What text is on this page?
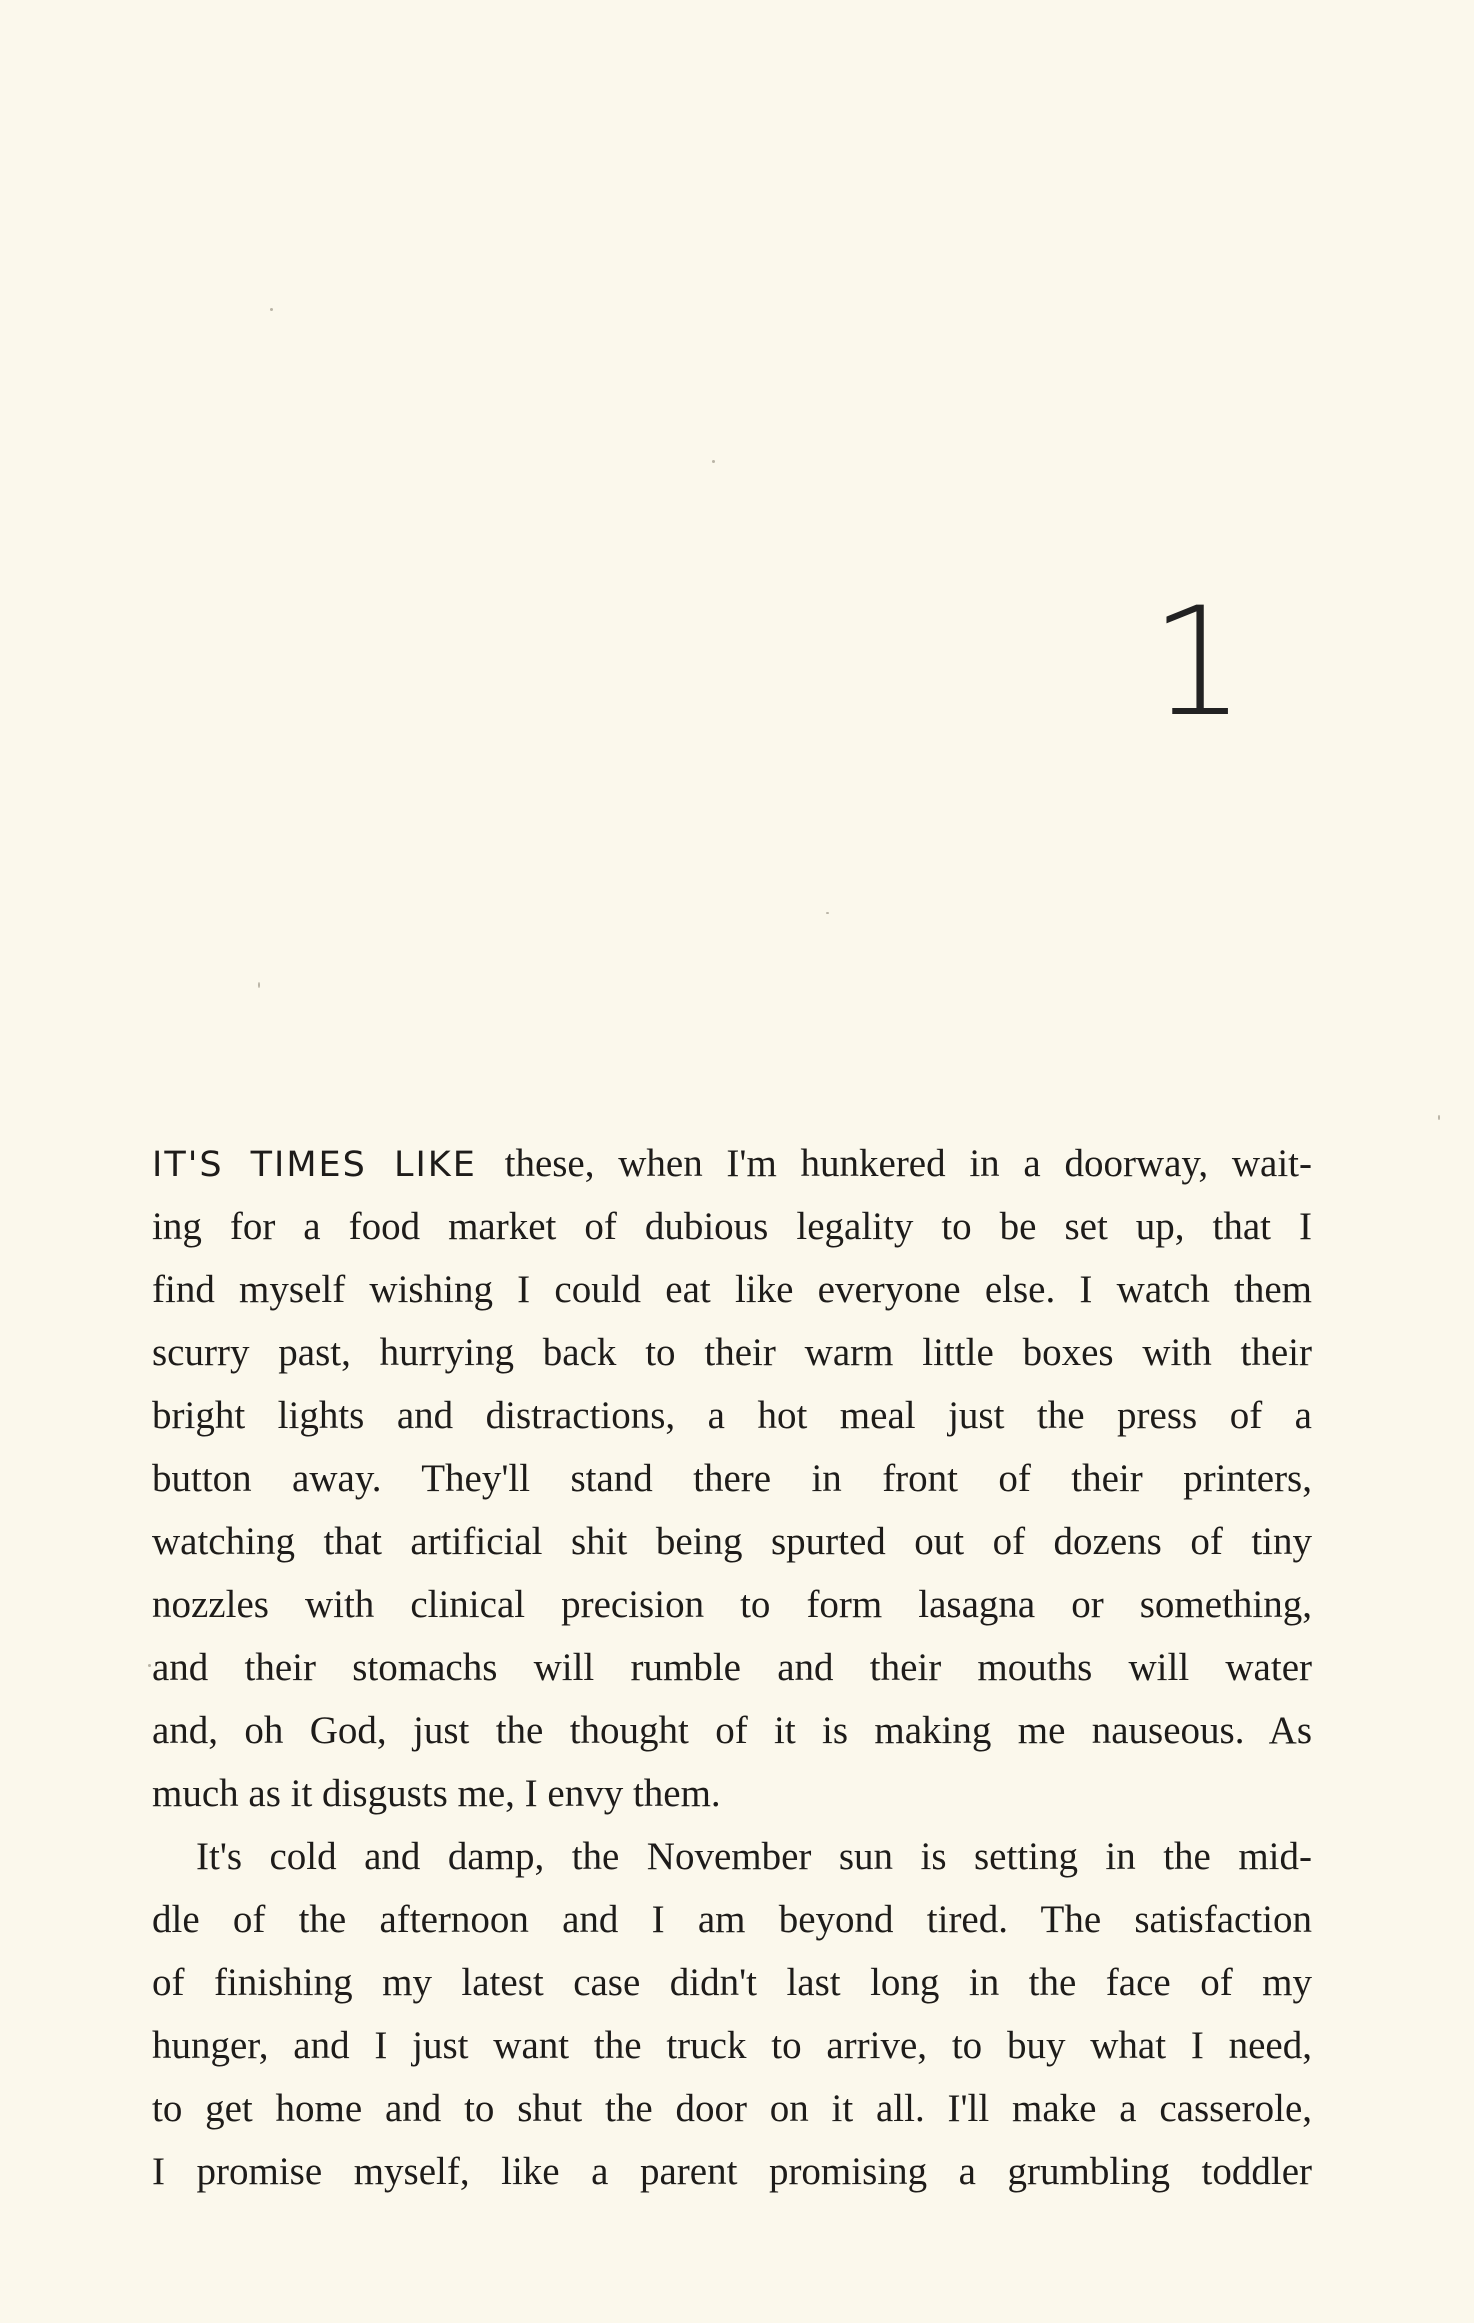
1
IT'S TIMES LIKE these, when I'm hunkered in a doorway, wait-
ing for a food market of dubious legality to be set up, that I
find myself wishing I could eat like everyone else. I watch them
scurry past, hurrying back to their warm little boxes with their
bright lights and distractions, a hot meal just the press of a
button away. They'll stand there in front of their printers,
watching that artificial shit being spurted out of dozens of tiny
nozzles with clinical precision to form lasagna or something,
and their stomachs will rumble and their mouths will water
and, oh God, just the thought of it is making me nauseous. As
much as it disgusts me, I envy them.
It's cold and damp, the November sun is setting in the mid-
dle of the afternoon and I am beyond tired. The satisfaction
of finishing my latest case didn't last long in the face of my
hunger, and I just want the truck to arrive, to buy what I need,
to get home and to shut the door on it all. I'll make a casserole,
I promise myself, like a parent promising a grumbling toddler
